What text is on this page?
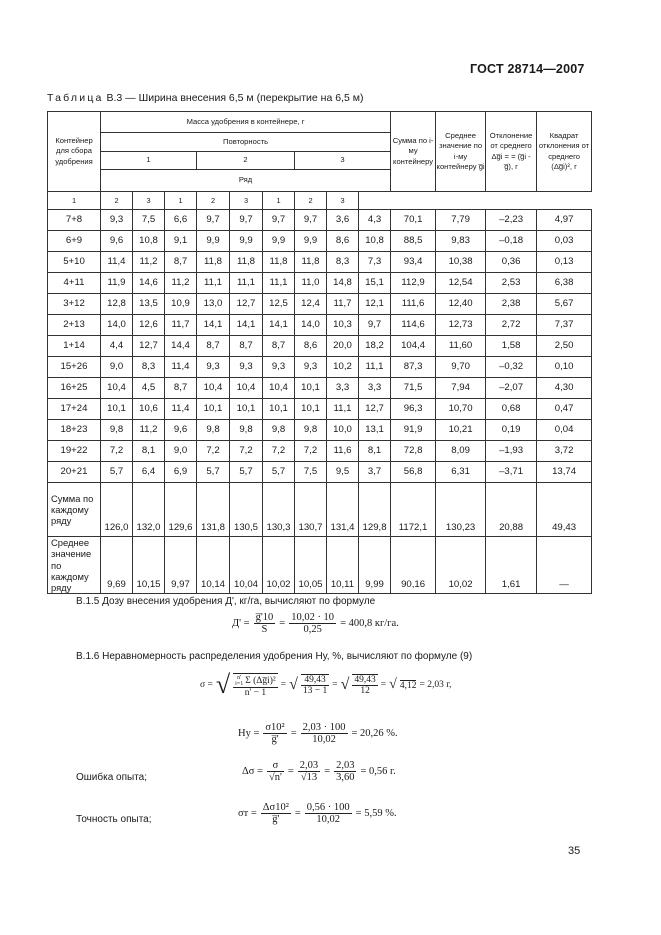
ГОСТ 28714—2007
Таблица В.3 — Ширина внесения 6,5 м (перекрытие на 6,5 м)
Контейнер для сбора удобрения	Масса удобрения в контейнере, г									Сумма по i-му контейнеру	Среднее значение по i-му контейнеру g̅i	Отклонение от среднего Δg̅i = = (g̅i - g̅), г	Квадрат отклонения от среднего (Δg̅i)², г
	Повторность												
	1			2			3						
	Ряд												
1	2	3	1	2	3	1	2	3					
7+8	9,3	7,5	6,6	9,7	9,7	9,7	9,7	3,6	4,3	70,1	7,79	–2,23	4,97
6+9	9,6	10,8	9,1	9,9	9,9	9,9	9,9	8,6	10,8	88,5	9,83	–0,18	0,03
5+10	11,4	11,2	8,7	11,8	11,8	11,8	11,8	8,3	7,3	93,4	10,38	0,36	0,13
4+11	11,9	14,6	11,2	11,1	11,1	11,1	11,0	14,8	15,1	112,9	12,54	2,53	6,38
3+12	12,8	13,5	10,9	13,0	12,7	12,5	12,4	11,7	12,1	111,6	12,40	2,38	5,67
2+13	14,0	12,6	11,7	14,1	14,1	14,1	14,0	10,3	9,7	114,6	12,73	2,72	7,37
1+14	4,4	12,7	14,4	8,7	8,7	8,7	8,6	20,0	18,2	104,4	11,60	1,58	2,50
15+26	9,0	8,3	11,4	9,3	9,3	9,3	9,3	10,2	11,1	87,3	9,70	–0,32	0,10
16+25	10,4	4,5	8,7	10,4	10,4	10,4	10,1	3,3	3,3	71,5	7,94	–2,07	4,30
17+24	10,1	10,6	11,4	10,1	10,1	10,1	10,1	11,1	12,7	96,3	10,70	0,68	0,47
18+23	9,8	11,2	9,6	9,8	9,8	9,8	9,8	10,0	13,1	91,9	10,21	0,19	0,04
19+22	7,2	8,1	9,0	7,2	7,2	7,2	7,2	11,6	8,1	72,8	8,09	–1,93	3,72
20+21	5,7	6,4	6,9	5,7	5,7	5,7	7,5	9,5	3,7	56,8	6,31	–3,71	13,74
Сумма по каждому ряду	126,0	132,0	129,6	131,8	130,5	130,3	130,7	131,4	129,8	1172,1	130,23	20,88	49,43
Среднее значение по каждому ряду	9,69	10,15	9,97	10,14	10,04	10,02	10,05	10,11	9,99	90,16	10,02	1,61	—
В.1.5 Дозу внесения удобрения Д', кг/га, вычисляют по формуле
$Д' = \frac{g̅'10}{S} = \frac{10,02 \cdot 10}{0,25} = 400,8$ кг/га.
В.1.6 Неравномерность распределения удобрения Hу, %, вычисляют по формуле (9)
σ = √ n'
i=1 Σ (Δg̅i)²
n' − 1 = √ $\frac{49,43}{13 - 1}$ = √ $\frac{49,43}{12}$ = √ 4,12 = 2,03 г,
Hу = $\frac{\text{σ10²}}{g̅'} = \frac{2,03 \cdot 100}{10,02} = 20,26$ %.
Ошибка опыта;
$\Delta\sigma = \frac{\sigma}{√n'} = \frac{2,03}{√13} = \frac{2,03}{3,60} = 0,56$ г.
Точность опыта;
$\sigma т = \frac{\text{Δσ10²}}{g̅'} = \frac{0,56 \cdot 100}{10,02} = 5,59$ %.
35
